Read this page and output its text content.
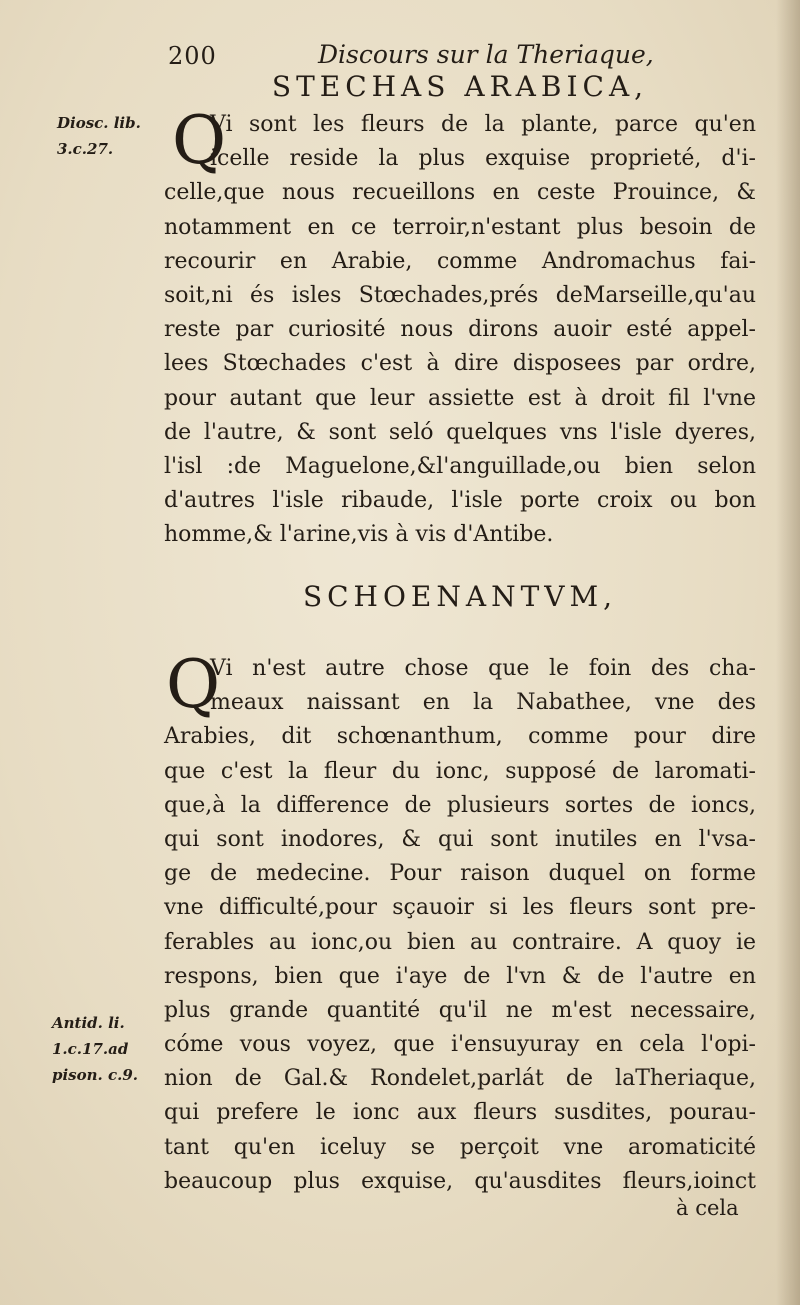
200	Discours sur la Theriaque,
STECHAS ARABICA,
Diosc. lib.
3.c.27. Q
Vi sont les fleurs de la plante, parce qu'en
icelle reside la plus exquise proprieté, d'i-
celle,que nous recueillons en ceste Prouince, &
notamment en ce terroir,n'estant plus besoin de
recourir en Arabie, comme Andromachus fai-
soit,ni és isles Stœchades,prés deMarseille,qu'au
reste par curiosité nous dirons auoir esté appel-
lees Stœchades c'est à dire disposees par ordre,
pour autant que leur assiette est à droit fil l'vne
de l'autre, & sont seló quelques vns l'isle dyeres,
l'isl :de Maguelone,&l'anguillade,ou bien selon
d'autres l'isle ribaude, l'isle porte croix ou bon
homme,& l'arine,vis à vis d'Antibe.
SCHOENANTVM,
Antid. li.
1.c.17.ad
pison. c.9.
Q
Vi n'est autre chose que le foin des cha-
meaux naissant en la Nabathee, vne des
Arabies, dit schœnanthum, comme pour dire
que c'est la fleur du ionc, supposé de laromati-
que,à la difference de plusieurs sortes de ioncs,
qui sont inodores, & qui sont inutiles en l'vsa-
ge de medecine. Pour raison duquel on forme
vne difficulté,pour sçauoir si les fleurs sont pre-
ferables au ionc,ou bien au contraire. A quoy ie
respons, bien que i'aye de l'vn & de l'autre en
plus grande quantité qu'il ne m'est necessaire,
cóme vous voyez, que i'ensuyuray en cela l'opi-
nion de Gal.& Rondelet,parlát de laTheriaque,
qui prefere le ionc aux fleurs susdites, pourau-
tant qu'en iceluy se perçoit vne aromaticité
beaucoup plus exquise, qu'ausdites fleurs,ioinct
à cela
